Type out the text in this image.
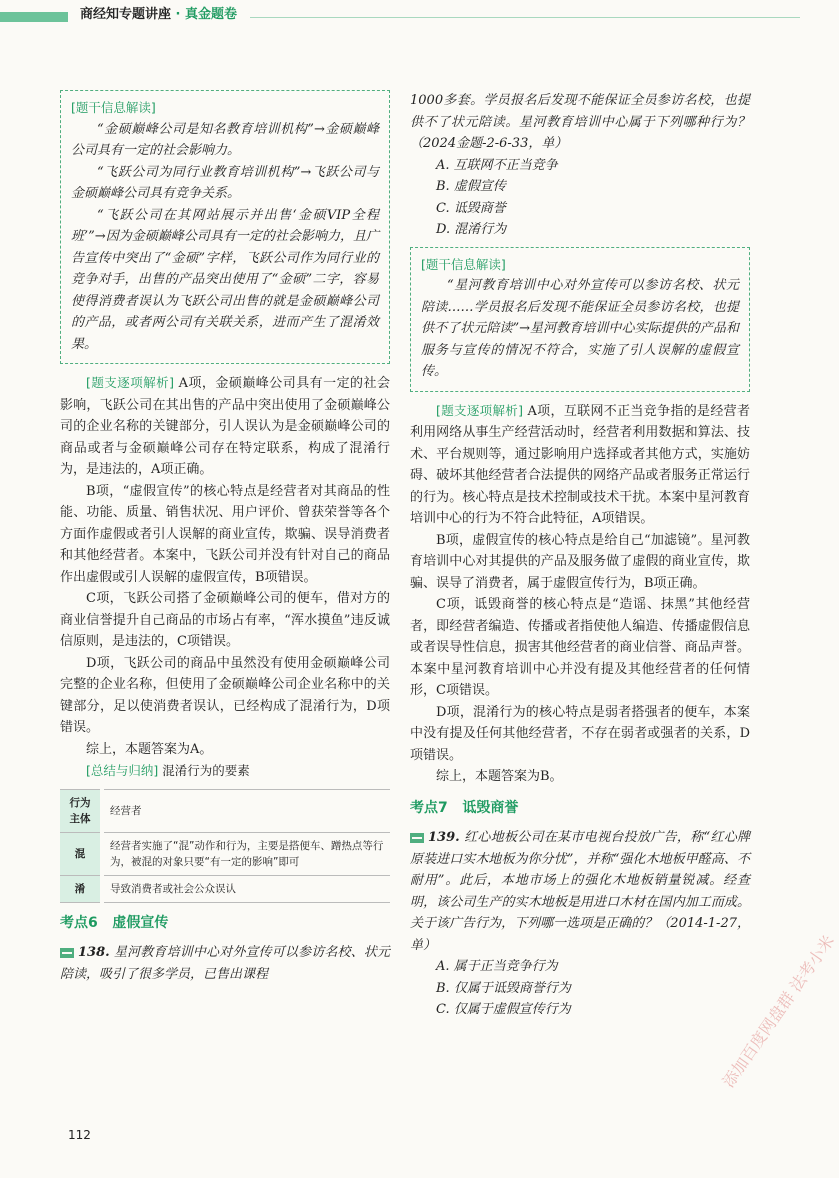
商经知专题讲座 · 真金题卷
[题干信息解读]

“金硕巅峰公司是知名教育培训机构”→金硕巅峰公司具有一定的社会影响力。

“飞跃公司为同行业教育培训机构”→飞跃公司与金硕巅峰公司具有竞争关系。

“飞跃公司在其网站展示并出售‘金硕VIP全程班’”→因为金硕巅峰公司具有一定的社会影响力，且广告宣传中突出了“金硕”字样，飞跃公司作为同行业的竞争对手，出售的产品突出使用了“金硕”二字，容易使得消费者误认为飞跃公司出售的就是金硕巅峰公司的产品，或者两公司有关联关系，进而产生了混淆效果。

[题支逐项解析] A项，金硕巅峰公司具有一定的社会影响，飞跃公司在其出售的产品中突出使用了金硕巅峰公司的企业名称的关键部分，引人误认为是金硕巅峰公司的商品或者与金硕巅峰公司存在特定联系，构成了混淆行为，是违法的，A项正确。

B项，“虚假宣传”的核心特点是经营者对其商品的性能、功能、质量、销售状况、用户评价、曾获荣誉等各个方面作虚假或者引人误解的商业宣传，欺骗、误导消费者和其他经营者。本案中，飞跃公司并没有针对自己的商品作出虚假或引人误解的虚假宣传，B项错误。

C项，飞跃公司搭了金硕巅峰公司的便车，借对方的商业信誉提升自己商品的市场占有率，“浑水摸鱼”违反诚信原则，是违法的，C项错误。

D项，飞跃公司的商品中虽然没有使用金硕巅峰公司完整的企业名称，但使用了金硕巅峰公司企业名称中的关键部分，足以使消费者误认，已经构成了混淆行为，D项错误。

综上，本题答案为A。

[总结与归纳] 混淆行为的要素

行为主体	经营者
混	经营者实施了“混”动作和行为，主要是搭便车、蹭热点等行为，被混的对象只要“有一定的影响”即可
淆	导致消费者或社会公众误认
考点6 虚假宣传

138. 星河教育培训中心对外宣传可以参访名校、状元陪读，吸引了很多学员，已售出课程

1000多套。学员报名后发现不能保证全员参访名校，也提供不了状元陪读。星河教育培训中心属于下列哪种行为？（2024金题-2-6-33，单）

A. 互联网不正当竞争
B. 虚假宣传
C. 诋毁商誉
D. 混淆行为
[题干信息解读]

“星河教育培训中心对外宣传可以参访名校、状元陪读……学员报名后发现不能保证全员参访名校，也提供不了状元陪读”→星河教育培训中心实际提供的产品和服务与宣传的情况不符合，实施了引人误解的虚假宣传。

[题支逐项解析] A项，互联网不正当竞争指的是经营者利用网络从事生产经营活动时，经营者利用数据和算法、技术、平台规则等，通过影响用户选择或者其他方式，实施妨碍、破坏其他经营者合法提供的网络产品或者服务正常运行的行为。核心特点是技术控制或技术干扰。本案中星河教育培训中心的行为不符合此特征，A项错误。

B项，虚假宣传的核心特点是给自己“加滤镜”。星河教育培训中心对其提供的产品及服务做了虚假的商业宣传，欺骗、误导了消费者，属于虚假宣传行为，B项正确。

C项，诋毁商誉的核心特点是“造谣、抹黑”其他经营者，即经营者编造、传播或者指使他人编造、传播虚假信息或者误导性信息，损害其他经营者的商业信誉、商品声誉。本案中星河教育培训中心并没有提及其他经营者的任何情形，C项错误。

D项，混淆行为的核心特点是弱者搭强者的便车，本案中没有提及任何其他经营者，不存在弱者或强者的关系，D项错误。

综上，本题答案为B。

考点7 诋毁商誉

139. 红心地板公司在某市电视台投放广告，称“红心牌原装进口实木地板为你分忧”，并称“强化木地板甲醛高、不耐用”。此后，本地市场上的强化木地板销量锐减。经查明，该公司生产的实木地板是用进口木材在国内加工而成。关于该广告行为，下列哪一选项是正确的？（2014-1-27，单）

A. 属于正当竞争行为
B. 仅属于诋毁商誉行为
C. 仅属于虚假宣传行为
112
添加百度网盘群 法考小米
